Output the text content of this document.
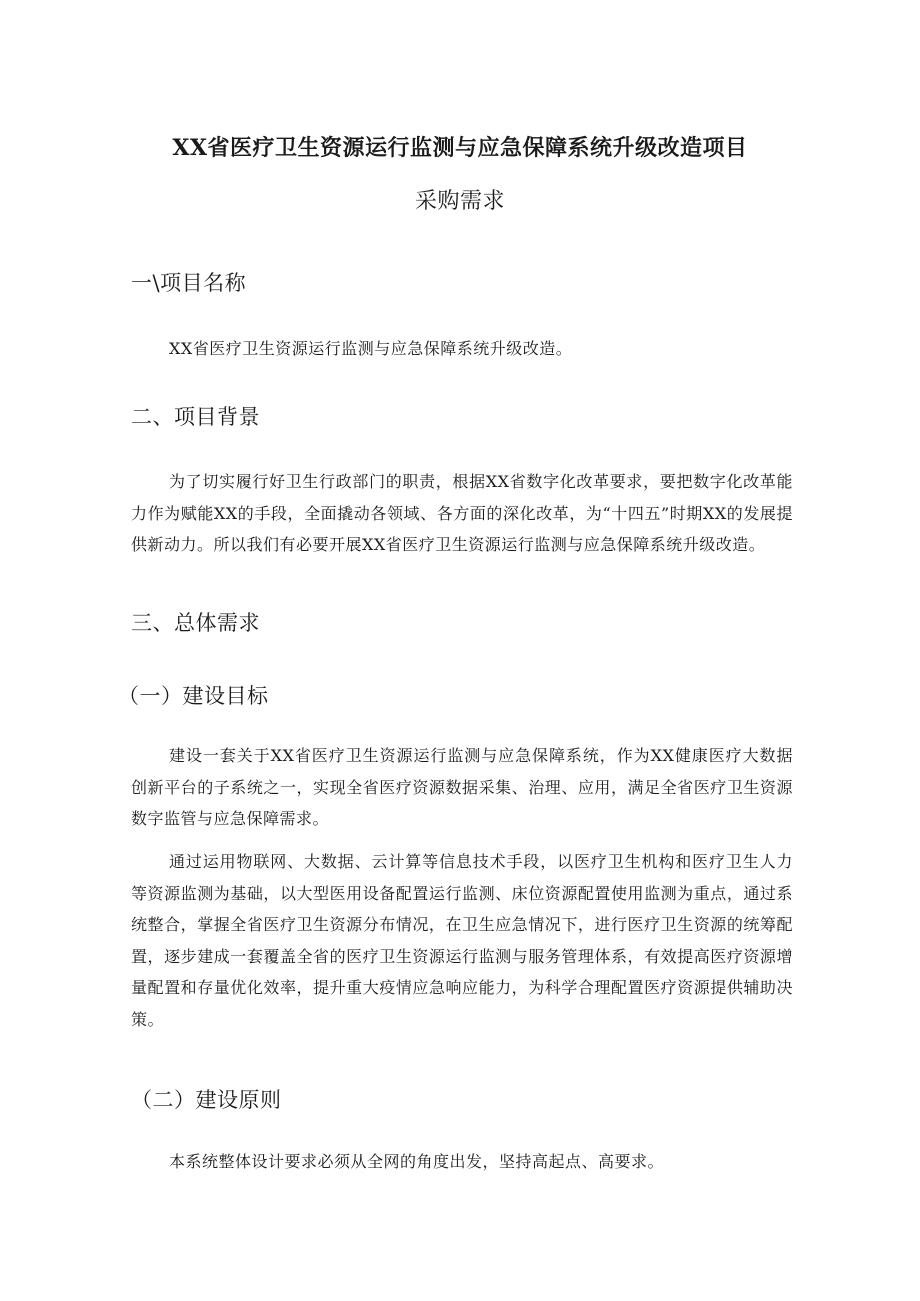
XX省医疗卫生资源运行监测与应急保障系统升级改造项目
采购需求
一\项目名称
XX省医疗卫生资源运行监测与应急保障系统升级改造。
二、项目背景
为了切实履行好卫生行政部门的职责，根据XX省数字化改革要求，要把数字化改革能力作为赋能XX的手段，全面撬动各领域、各方面的深化改革，为“十四五”时期XX的发展提供新动力。所以我们有必要开展XX省医疗卫生资源运行监测与应急保障系统升级改造。
三、总体需求
（一）建设目标
建设一套关于XX省医疗卫生资源运行监测与应急保障系统，作为XX健康医疗大数据创新平台的子系统之一，实现全省医疗资源数据采集、治理、应用，满足全省医疗卫生资源数字监管与应急保障需求。
通过运用物联网、大数据、云计算等信息技术手段，以医疗卫生机构和医疗卫生人力等资源监测为基础，以大型医用设备配置运行监测、床位资源配置使用监测为重点，通过系统整合，掌握全省医疗卫生资源分布情况，在卫生应急情况下，进行医疗卫生资源的统筹配置，逐步建成一套覆盖全省的医疗卫生资源运行监测与服务管理体系，有效提高医疗资源增量配置和存量优化效率，提升重大疫情应急响应能力，为科学合理配置医疗资源提供辅助决策。
（二）建设原则
本系统整体设计要求必须从全网的角度出发，坚持高起点、高要求。
